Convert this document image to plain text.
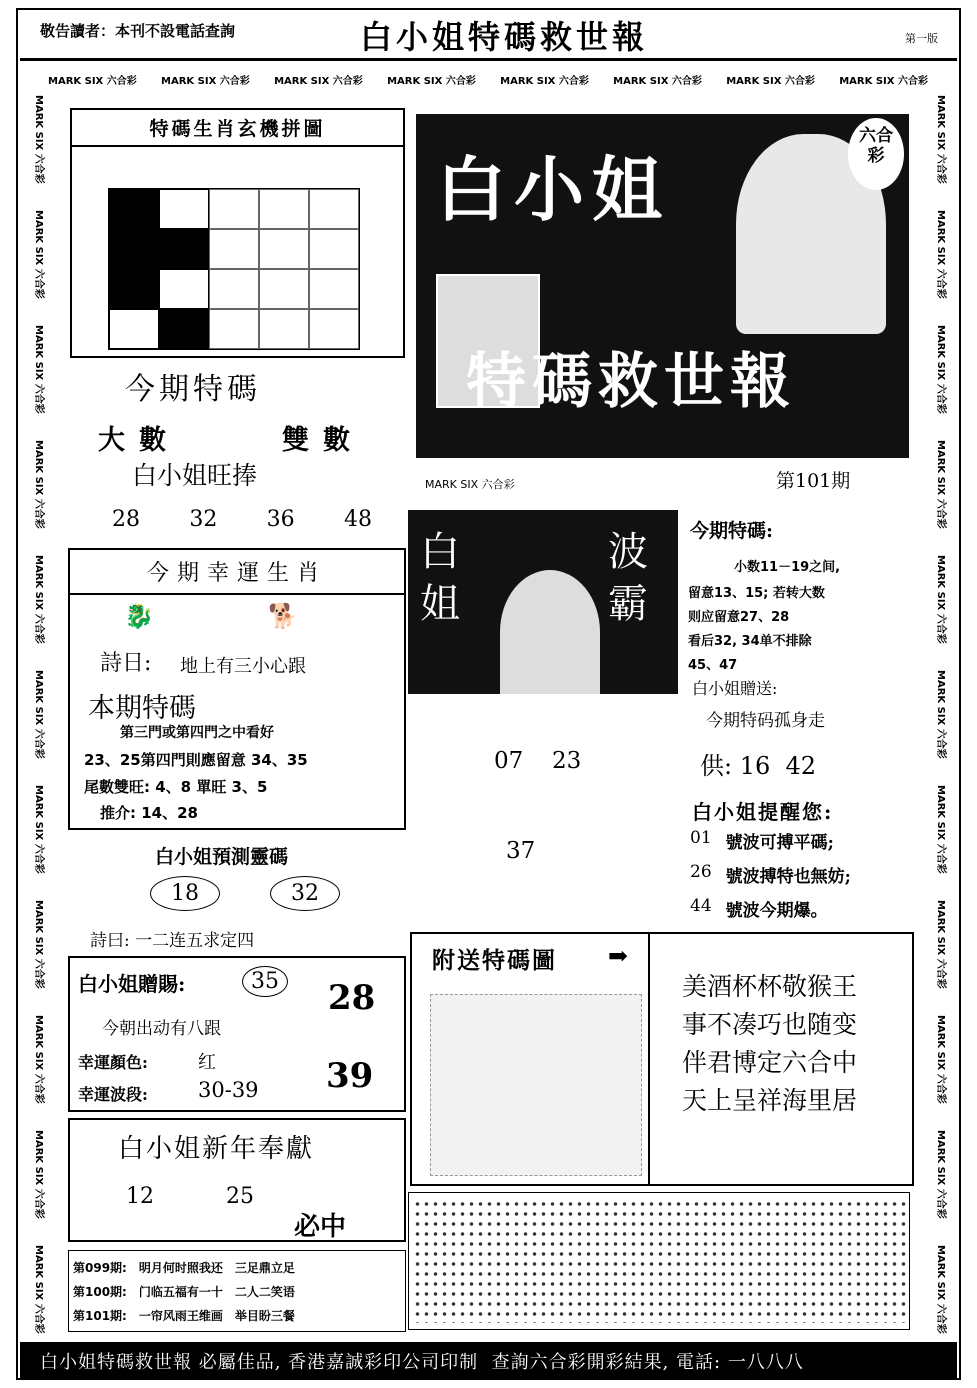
敬告讀者：本刊不設電話查詢	白小姐特碼救世報	第一版
MARK SIX 六合彩 MARK SIX 六合彩 MARK SIX 六合彩 MARK SIX 六合彩 MARK SIX 六合彩 MARK SIX 六合彩 MARK SIX 六合彩 MARK SIX 六合彩
MARK SIX 六合彩
MARK SIX 六合彩
MARK SIX 六合彩
MARK SIX 六合彩
MARK SIX 六合彩
MARK SIX 六合彩
MARK SIX 六合彩
MARK SIX 六合彩
MARK SIX 六合彩
MARK SIX 六合彩
MARK SIX 六合彩
MARK SIX 六合彩
MARK SIX 六合彩
MARK SIX 六合彩
MARK SIX 六合彩
MARK SIX 六合彩
MARK SIX 六合彩
MARK SIX 六合彩
MARK SIX 六合彩
MARK SIX 六合彩
MARK SIX 六合彩
MARK SIX 六合彩
特碼生肖玄機拼圖
今期特碼
大數	雙數
白小姐旺捧
28 32 36 48
六合彩
白小姐
特碼救世報
MARK SIX 六合彩	第101期
今期幸運生肖
🐉	🐕
詩日: 地上有三小心跟
本期特碼
第三門或第四門之中看好
23、25第四門則應留意 34、35
尾數雙旺: 4、8 單旺 3、5
推介: 14、28
白小姐預測靈碼
18	32
詩曰: 一二连五求定四
白小姐贈賜:	35 28
今朝出动有八跟
幸運顏色:	红
幸運波段: 30-39 39
白小姐新年奉獻
12	25
必中
第099期: 明月何时照我还 三足鼎立足
第100期: 门临五福有一十 二人二笑语
第101期: 一帘风雨王维画 举目盼三餐
白
姐
波
霸
07 23
37
今期特碼:
小数11－19之间,
留意13、15; 若转大数
则应留意27、28
看后32, 34单不排除
45、47
白小姐贈送:
今期特码孤身走
供: 16  42
白小姐提醒您:
01 號波可搏平碼;
26 號波搏特也無妨;
44 號波今期爆。
附送特碼圖 ➡
美酒杯杯敬猴王
事不凑巧也随变
伴君博定六合中
天上呈祥海里居
白小姐特碼救世報 必屬佳品, 香港嘉誠彩印公司印制  查詢六合彩開彩結果, 電話: 一八八八
